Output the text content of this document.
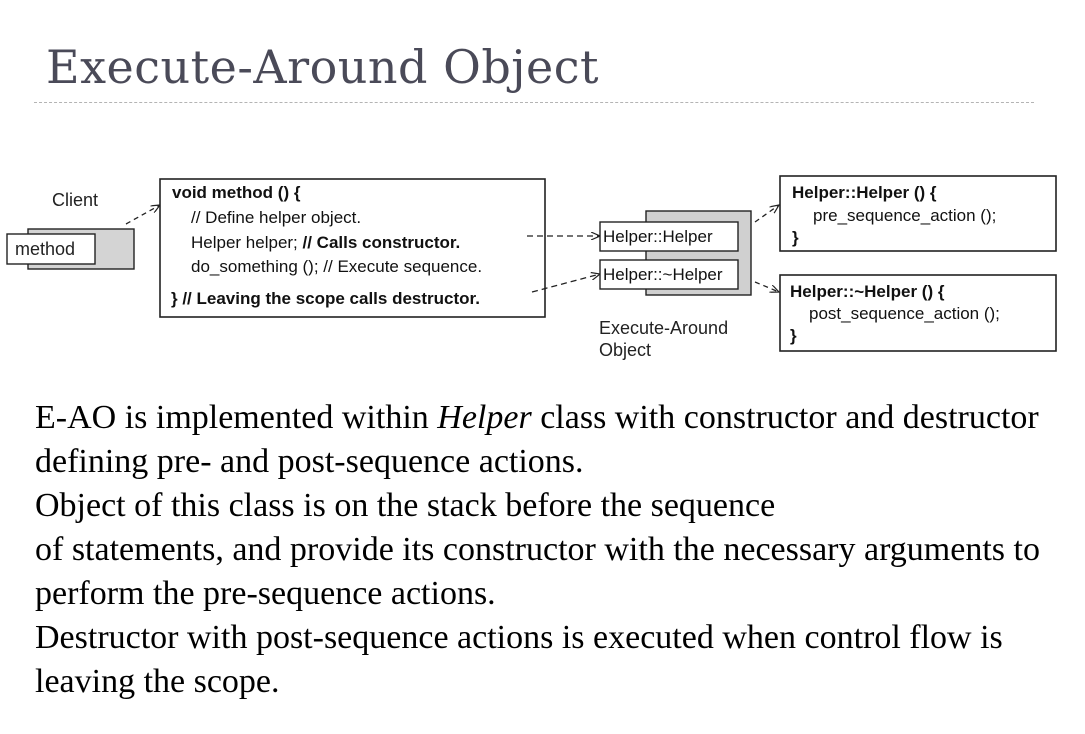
Execute-Around Object
Client
method
void method () {
// Define helper object.
Helper helper; // Calls constructor.
do_something (); // Execute sequence.
} // Leaving the scope calls destructor.
Helper::Helper
Helper::~Helper
Execute-Around
Object
Helper::Helper () {
pre_sequence_action ();
}
Helper::~Helper () {
post_sequence_action ();
}

E-AO is implemented within Helper class with constructor and destructor defining pre- and post-sequence actions.

Object of this class is on the stack before the sequence
of statements, and provide its constructor with the necessary arguments to perform the pre-sequence actions.

Destructor with post-sequence actions is executed when control flow is leaving the scope.
